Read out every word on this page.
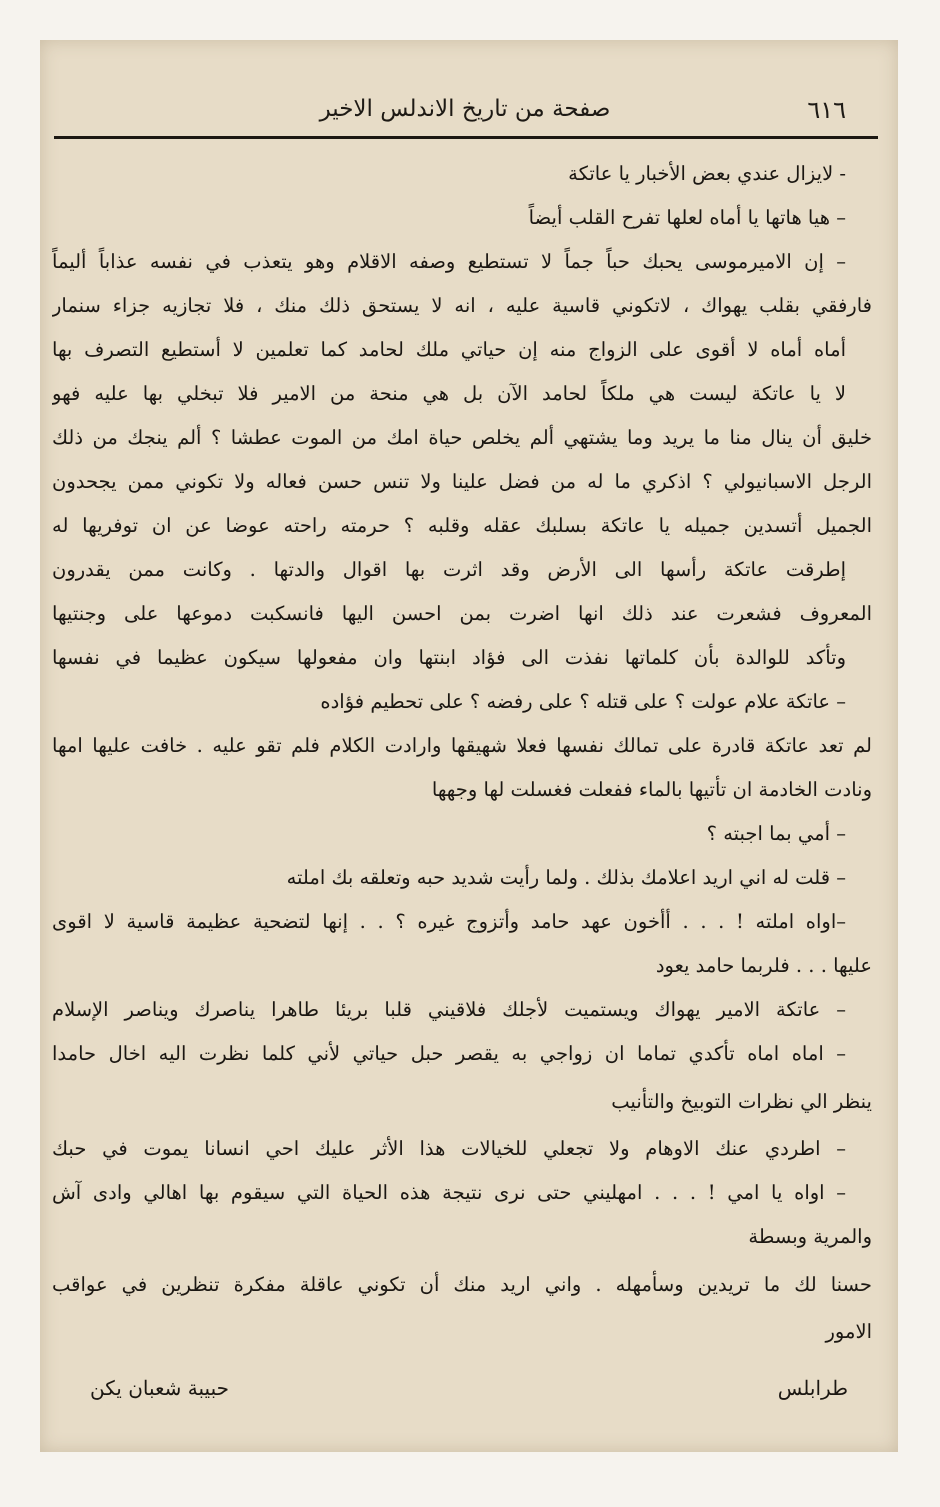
٦١٦
صفحة من تاريخ الاندلس الاخير
- لايزال عندي بعض الأخبار يا عاتكة
– هيا هاتها يا أماه لعلها تفرح القلب أيضاً
– إن الاميرموسى يحبك حباً جماً لا تستطيع وصفه الاقلام وهو يتعذب في نفسه عذاباً أليماً
فارفقي بقلب يهواك ، لاتكوني قاسية عليه ، انه لا يستحق ذلك منك ، فلا تجازيه جزاء سنمار
أماه أماه لا أقوى على الزواج منه إن حياتي ملك لحامد كما تعلمين لا أستطيع التصرف بها
لا يا عاتكة ليست هي ملكاً لحامد الآن بل هي منحة من الامير فلا تبخلي بها عليه فهو
خليق أن ينال منا ما يريد وما يشتهي ألم يخلص حياة امك من الموت عطشا ؟ ألم ينجك من ذلك
الرجل الاسبانيولي ؟ اذكري ما له من فضل علينا ولا تنس حسن فعاله ولا تكوني ممن يجحدون
الجميل أتسدين جميله يا عاتكة بسلبك عقله وقلبه ؟ حرمته راحته عوضا عن ان توفريها له
إطرقت عاتكة رأسها الى الأرض وقد اثرت بها اقوال والدتها . وكانت ممن يقدرون
المعروف فشعرت عند ذلك انها اضرت بمن احسن اليها فانسكبت دموعها على وجنتيها
وتأكد للوالدة بأن كلماتها نفذت الى فؤاد ابنتها وان مفعولها سيكون عظيما في نفسها
– عاتكة علام عولت ؟ على قتله ؟ على رفضه ؟ على تحطيم فؤاده
لم تعد عاتكة قادرة على تمالك نفسها فعلا شهيقها وارادت الكلام فلم تقو عليه . خافت عليها امها
ونادت الخادمة ان تأتيها بالماء ففعلت فغسلت لها وجهها
– أمي بما اجبته ؟
– قلت له اني اريد اعلامك بذلك . ولما رأيت شديد حبه وتعلقه بك املته
–اواه املته ! . . . أأخون عهد حامد وأتزوج غيره ؟ . . إنها لتضحية عظيمة قاسية لا اقوى
عليها . . . فلربما حامد يعود
– عاتكة الامير يهواك ويستميت لأجلك فلاقيني قلبا بريئا طاهرا يناصرك ويناصر الإسلام
– اماه اماه تأكدي تماما ان زواجي به يقصر حبل حياتي لأني كلما نظرت اليه اخال حامدا
ينظر الي نظرات التوبيخ والتأنيب
– اطردي عنك الاوهام ولا تجعلي للخيالات هذا الأثر عليك احي انسانا يموت في حبك
– اواه يا امي ! . . . امهليني حتى نرى نتيجة هذه الحياة التي سيقوم بها اهالي وادى آش
والمرية وبسطة
حسنا لك ما تريدين وسأمهله . واني اريد منك أن تكوني عاقلة مفكرة تنظرين في عواقب
الامور
طرابلس
حبيبة شعبان يكن
